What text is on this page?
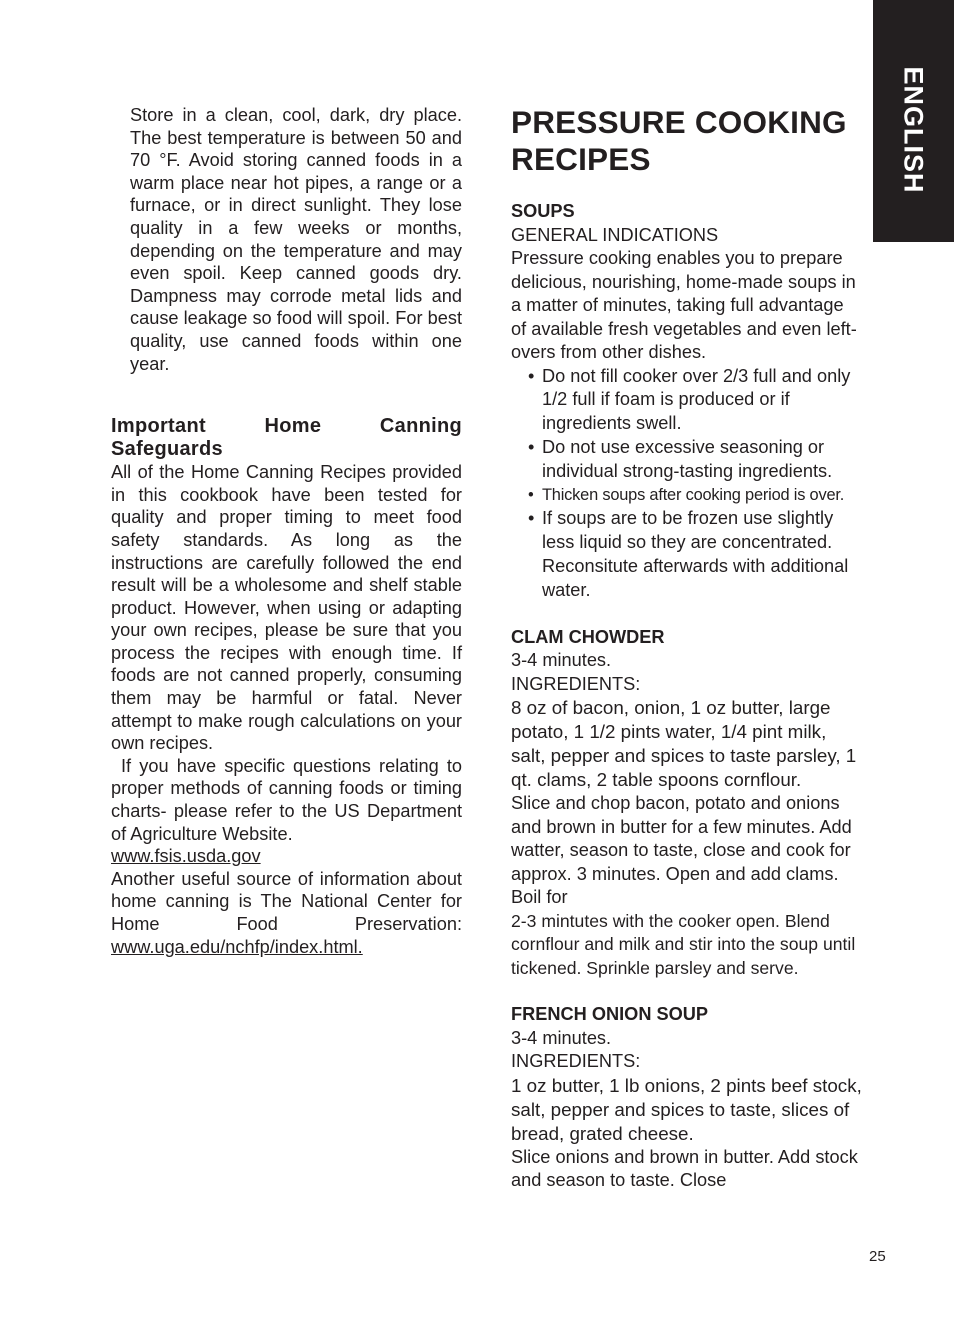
ENGLISH

Store in a clean, cool, dark, dry place. The best temperature is between 50 and 70 °F. Avoid storing canned foods in a warm place near hot pipes, a range or a furnace, or in direct sunlight. They lose quality in a few weeks or months, depending on the temperature and may even spoil. Keep canned goods dry. Dampness may corrode metal lids and cause leakage so food will spoil. For best quality, use canned foods within one year.

Important Home Canning
Safeguards

All of the Home Canning Recipes provided in this cookbook have been tested for quality and proper timing to meet food safety standards. As long as the instructions are carefully followed the end result will be a wholesome and shelf stable product. However, when using or adapting your own recipes, please be sure that you process the recipes with enough time. If foods are not canned properly, consuming them may be harmful or fatal. Never attempt to make rough calculations on your own recipes.

If you have specific questions relating to proper methods of canning foods or timing charts- please refer to the US Department of Agriculture Website.

www.fsis.usda.gov

Another useful source of information about home canning is The National Center for Home Food Preservation: www.uga.edu/nchfp/index.html.

PRESSURE COOKING RECIPES
SOUPS
GENERAL INDICATIONS

Pressure cooking enables you to prepare delicious, nourishing, home-made soups in a matter of minutes, taking full advantage of available fresh vegetables and even left-overs from other dishes.

• Do not fill cooker over 2/3 full and only 1/2 full if foam is produced or if ingredients swell.
• Do not use excessive seasoning or individual strong-tasting ingredients.
• Thicken soups after cooking period is over.
• If soups are to be frozen use slightly less liquid so they are concentrated. Reconsitute afterwards with additional water.
CLAM CHOWDER

3-4 minutes.

INGREDIENTS:

8 oz of bacon, onion, 1 oz butter, large potato, 1 1/2 pints water, 1/4 pint milk, salt, pepper and spices to taste parsley, 1 qt. clams, 2 table spoons cornflour.

Slice and chop bacon, potato and onions and brown in butter for a few minutes. Add watter, season to taste, close and cook for approx. 3 minutes. Open and add clams. Boil for

2-3 mintutes with the cooker open. Blend cornflour and milk and stir into the soup until tickened. Sprinkle parsley and serve.

FRENCH ONION SOUP

3-4 minutes.

INGREDIENTS:

1 oz butter, 1 lb onions, 2 pints beef stock, salt, pepper and spices to taste, slices of bread, grated cheese.

Slice onions and brown in butter. Add stock and season to taste. Close

25
